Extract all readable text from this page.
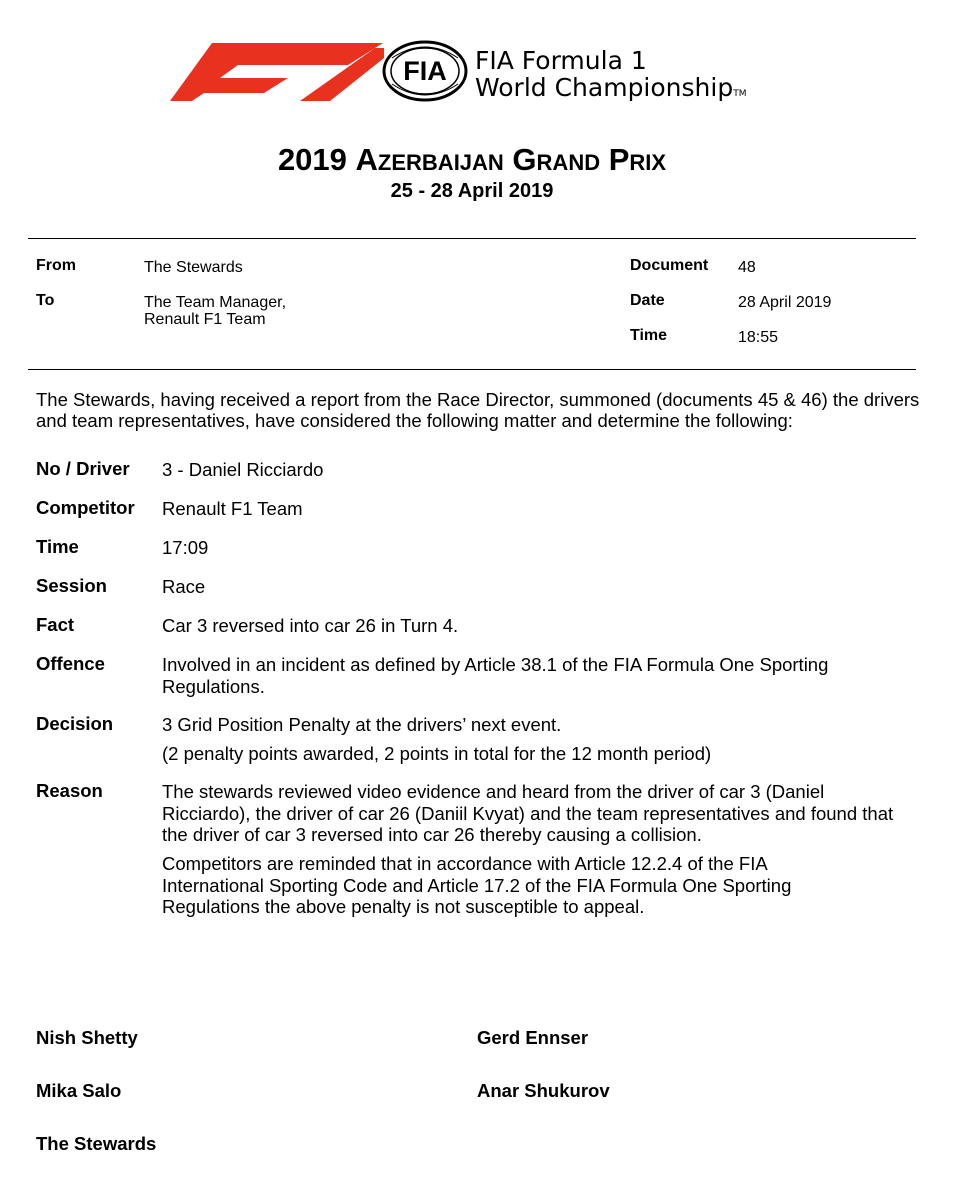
FIA FIA Formula 1
World ChampionshipTM
2019 Azerbaijan Grand Prix
25 - 28 April 2019
From	The Stewards
To	The Team Manager,
Renault F1 Team
Document 48
Date	28 April 2019
Time	18:55
The Stewards, having received a report from the Race Director, summoned (documents 45 & 46) the drivers and team representatives, have considered the following matter and determine the following:
No / Driver 3 - Daniel Ricciardo
Competitor Renault F1 Team
Time	17:09
Session	Race
Fact	Car 3 reversed into car 26 in Turn 4.
Offence	Involved in an incident as defined by Article 38.1 of the FIA Formula One Sporting Regulations.
Decision	3 Grid Position Penalty at the drivers’ next event.
(2 penalty points awarded, 2 points in total for the 12 month period)
Reason	The stewards reviewed video evidence and heard from the driver of car 3 (Daniel Ricciardo), the driver of car 26 (Daniil Kvyat) and the team representatives and found that the driver of car 3 reversed into car 26 thereby causing a collision.
Competitors are reminded that in accordance with Article 12.2.4 of the FIA International Sporting Code and Article 17.2 of the FIA Formula One Sporting Regulations the above penalty is not susceptible to appeal.
Nish Shetty	Gerd Ennser
Mika Salo	Anar Shukurov
The Stewards
